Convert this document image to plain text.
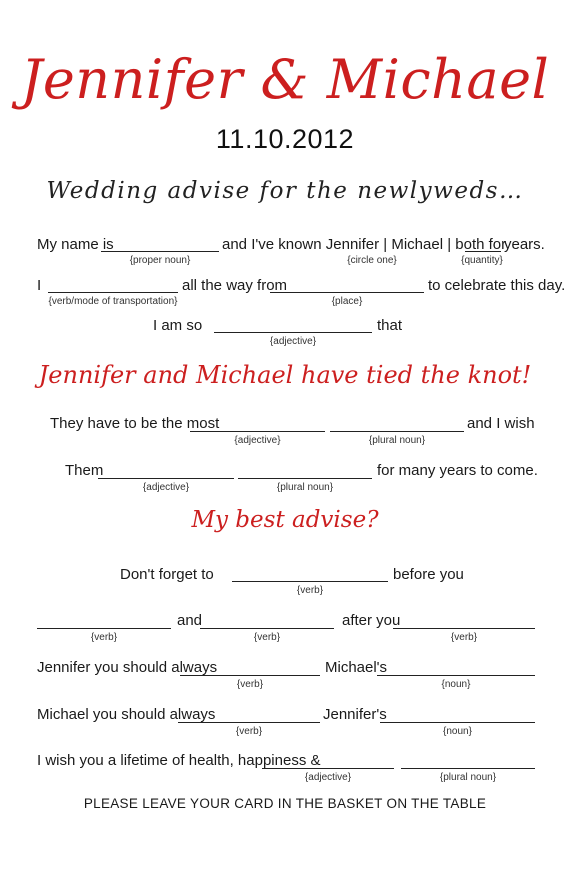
Jennifer & Michael
11.10.2012
Wedding advise for the newlyweds…
My name is
{proper noun}
and I've known Jennifer | Michael | both for
{circle one}	{quantity}
years.
I
{verb/mode of transportation}
all the way from
{place}
to celebrate this day.
I am so
{adjective}
that
Jennifer and Michael have tied the knot!
They have to be the most
{adjective}	{plural noun}
and I wish
Them
{adjective}	{plural noun}
for many years to come.
My best advise?
Don't forget to
{verb}
before you
{verb}
and
{verb}
after you
{verb}
Jennifer you should always
{verb}
Michael's
{noun}
Michael you should always
{verb}
Jennifer's
{noun}
I wish you a lifetime of health, happiness &
{adjective}	{plural noun}
PLEASE LEAVE YOUR CARD IN THE BASKET ON THE TABLE
